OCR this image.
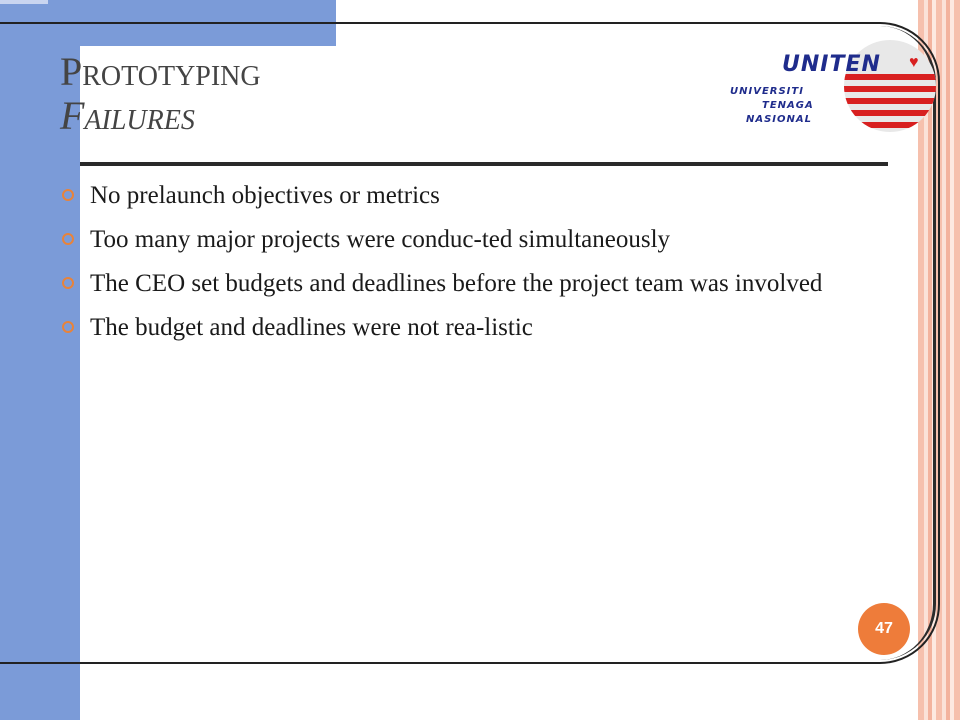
Prototyping
Failures
UNITEN ♥
UNIVERSITI
TENAGA
NASIONAL
No prelaunch objectives or metrics
Too many major projects were conduc-ted simultaneously
The CEO set budgets and deadlines before the project team was involved
The budget and deadlines were not rea-listic
47
